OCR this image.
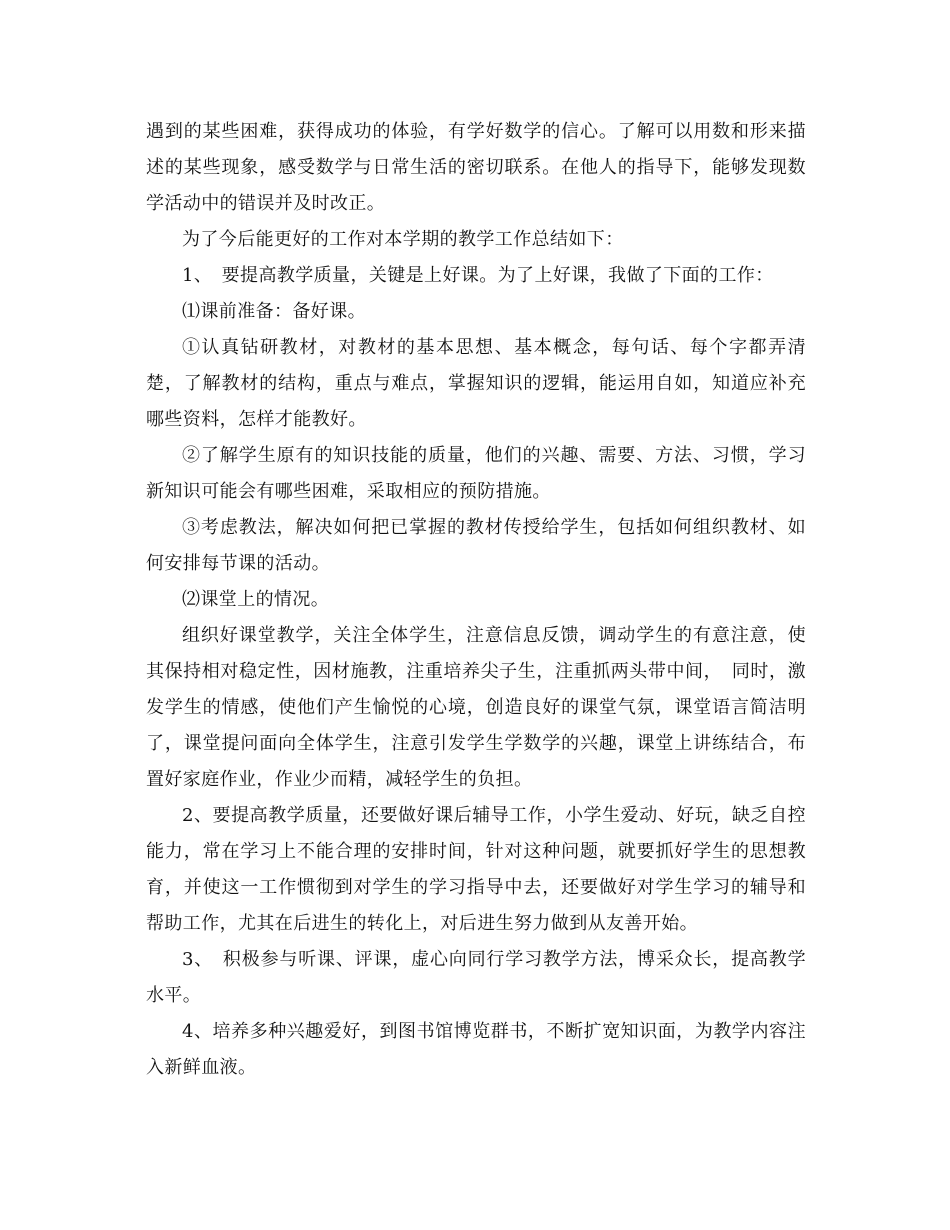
遇到的某些困难，获得成功的体验，有学好数学的信心。了解可以用数和形来描述的某些现象，感受数学与日常生活的密切联系。在他人的指导下，能够发现数学活动中的错误并及时改正。

为了今后能更好的工作对本学期的教学工作总结如下：

1、　要提高教学质量，关键是上好课。为了上好课，我做了下面的工作：

⑴课前准备：备好课。

①认真钻研教材，对教材的基本思想、基本概念，每句话、每个字都弄清楚，了解教材的结构，重点与难点，掌握知识的逻辑，能运用自如，知道应补充哪些资料，怎样才能教好。

②了解学生原有的知识技能的质量，他们的兴趣、需要、方法、习惯，学习新知识可能会有哪些困难，采取相应的预防措施。

③考虑教法，解决如何把已掌握的教材传授给学生，包括如何组织教材、如何安排每节课的活动。

⑵课堂上的情况。

组织好课堂教学，关注全体学生，注意信息反馈，调动学生的有意注意，使其保持相对稳定性，因材施教，注重培养尖子生，注重抓两头带中间，　同时，激发学生的情感，使他们产生愉悦的心境，创造良好的课堂气氛，课堂语言简洁明了，课堂提问面向全体学生，注意引发学生学数学的兴趣，课堂上讲练结合，布置好家庭作业，作业少而精，减轻学生的负担。

2、要提高教学质量，还要做好课后辅导工作，小学生爱动、好玩，缺乏自控能力，常在学习上不能合理的安排时间，针对这种问题，就要抓好学生的思想教育，并使这一工作惯彻到对学生的学习指导中去，还要做好对学生学习的辅导和帮助工作，尤其在后进生的转化上，对后进生努力做到从友善开始。

3、　积极参与听课、评课，虚心向同行学习教学方法，博采众长，提高教学水平。

4、培养多种兴趣爱好，到图书馆博览群书，不断扩宽知识面，为教学内容注入新鲜血液。
